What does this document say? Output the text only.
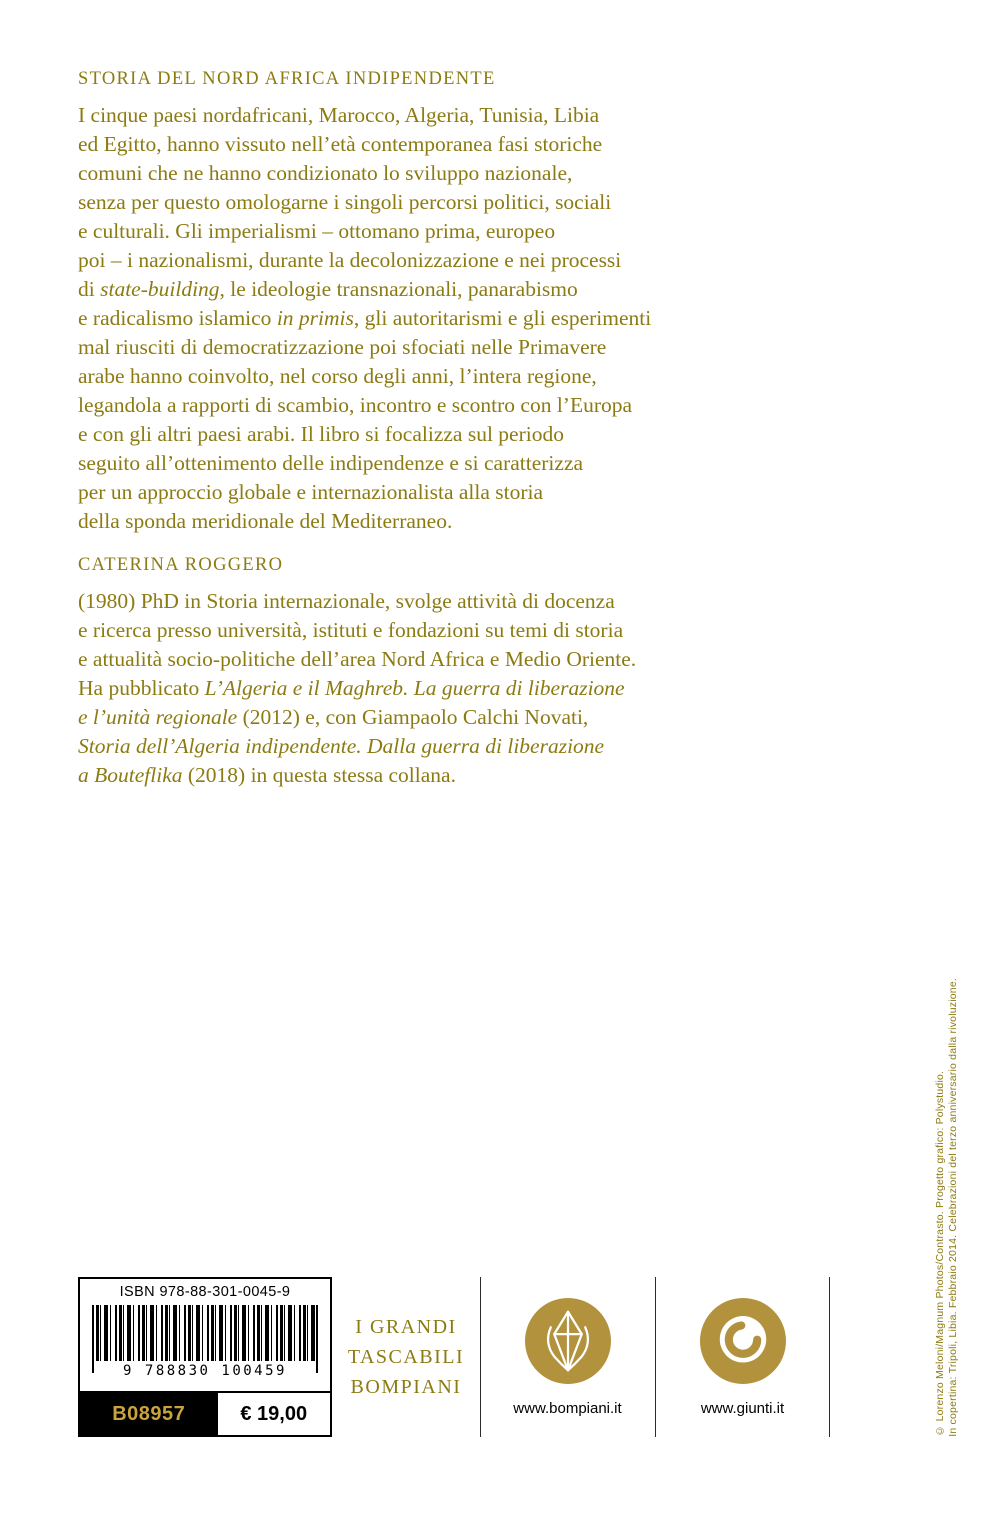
STORIA DEL NORD AFRICA INDIPENDENTE
I cinque paesi nordafricani, Marocco, Algeria, Tunisia, Libia
ed Egitto, hanno vissuto nell’età contemporanea fasi storiche
comuni che ne hanno condizionato lo sviluppo nazionale,
senza per questo omologarne i singoli percorsi politici, sociali
e culturali. Gli imperialismi – ottomano prima, europeo
poi – i nazionalismi, durante la decolonizzazione e nei processi
di state-building, le ideologie transnazionali, panarabismo
e radicalismo islamico in primis, gli autoritarismi e gli esperimenti
mal riusciti di democratizzazione poi sfociati nelle Primavere
arabe hanno coinvolto, nel corso degli anni, l’intera regione,
legandola a rapporti di scambio, incontro e scontro con l’Europa
e con gli altri paesi arabi. Il libro si focalizza sul periodo
seguito all’ottenimento delle indipendenze e si caratterizza
per un approccio globale e internazionalista alla storia
della sponda meridionale del Mediterraneo.
CATERINA ROGGERO
(1980) PhD in Storia internazionale, svolge attività di docenza
e ricerca presso università, istituti e fondazioni su temi di storia
e attualità socio-politiche dell’area Nord Africa e Medio Oriente.
Ha pubblicato L’Algeria e il Maghreb. La guerra di liberazione
e l’unità regionale (2012) e, con Giampaolo Calchi Novati,
Storia dell’Algeria indipendente. Dalla guerra di liberazione
a Bouteflika (2018) in questa stessa collana.
ISBN 978-88-301-0045-9
9 788830 100459
B08957	€ 19,00
I GRANDI
TASCABILI
BOMPIANI
www.bompiani.it	www.giunti.it	© Lorenzo Meloni/Magnum Photos/Contrasto. Progetto grafico: Polystudio. In copertina: Tripoli, Libia. Febbraio 2014. Celebrazioni del terzo anniversario dalla rivoluzione.
